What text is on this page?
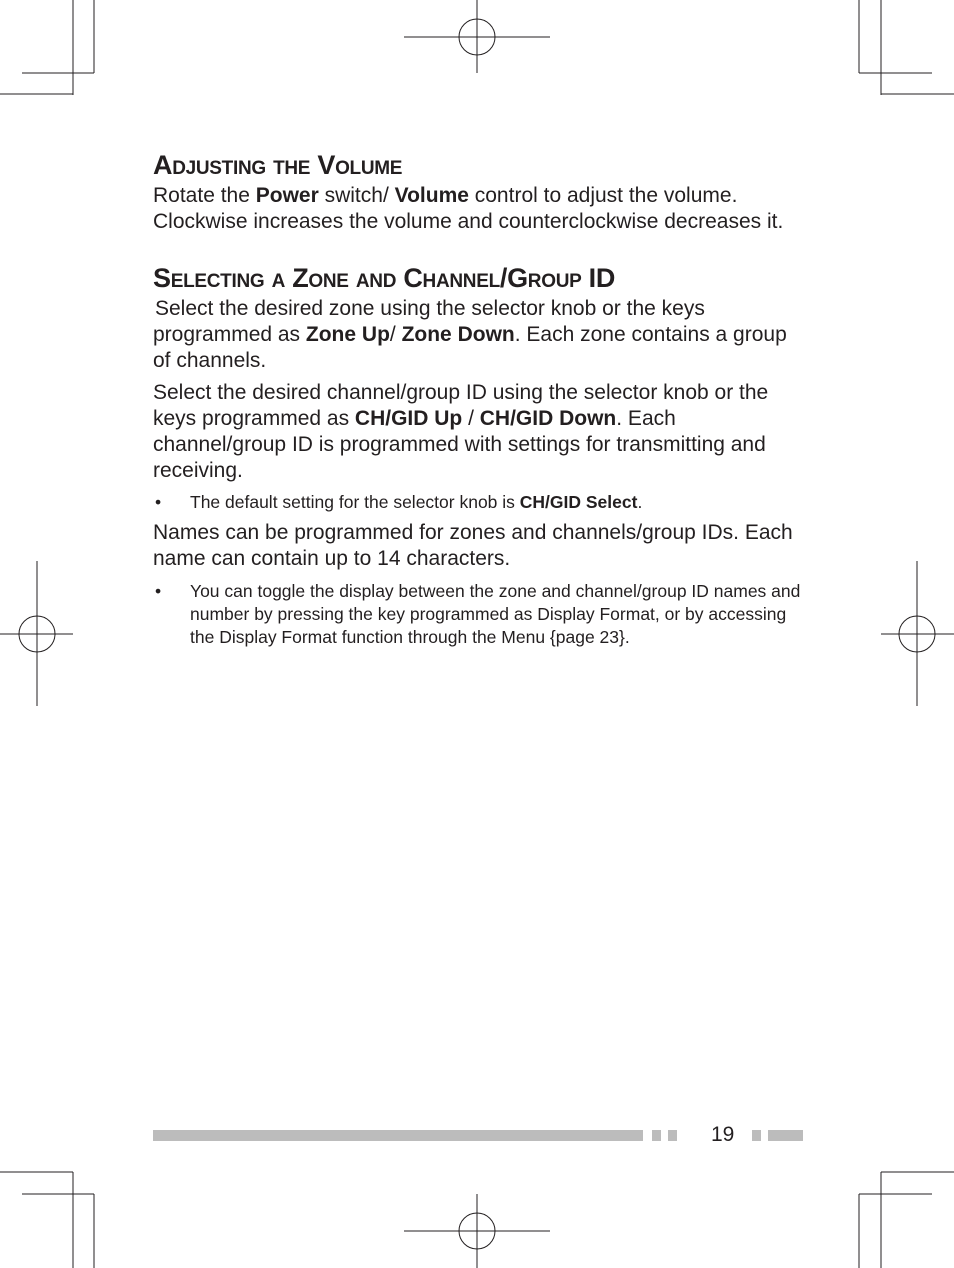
Adjusting the Volume

Rotate the Power switch/ Volume control to adjust the volume. Clockwise increases the volume and counterclockwise decreases it.

Selecting a Zone and Channel/Group ID

Select the desired zone using the selector knob or the keys programmed as Zone Up/ Zone Down. Each zone contains a group of channels.

Select the desired channel/group ID using the selector knob or the keys programmed as CH/GID Up / CH/GID Down. Each channel/group ID is programmed with settings for transmitting and receiving.

• The default setting for the selector knob is CH/GID Select.

Names can be programmed for zones and channels/group IDs. Each name can contain up to 14 characters.

• You can toggle the display between the zone and channel/group ID names and number by pressing the key programmed as Display Format, or by accessing the Display Format function through the Menu {page 23}.
19
